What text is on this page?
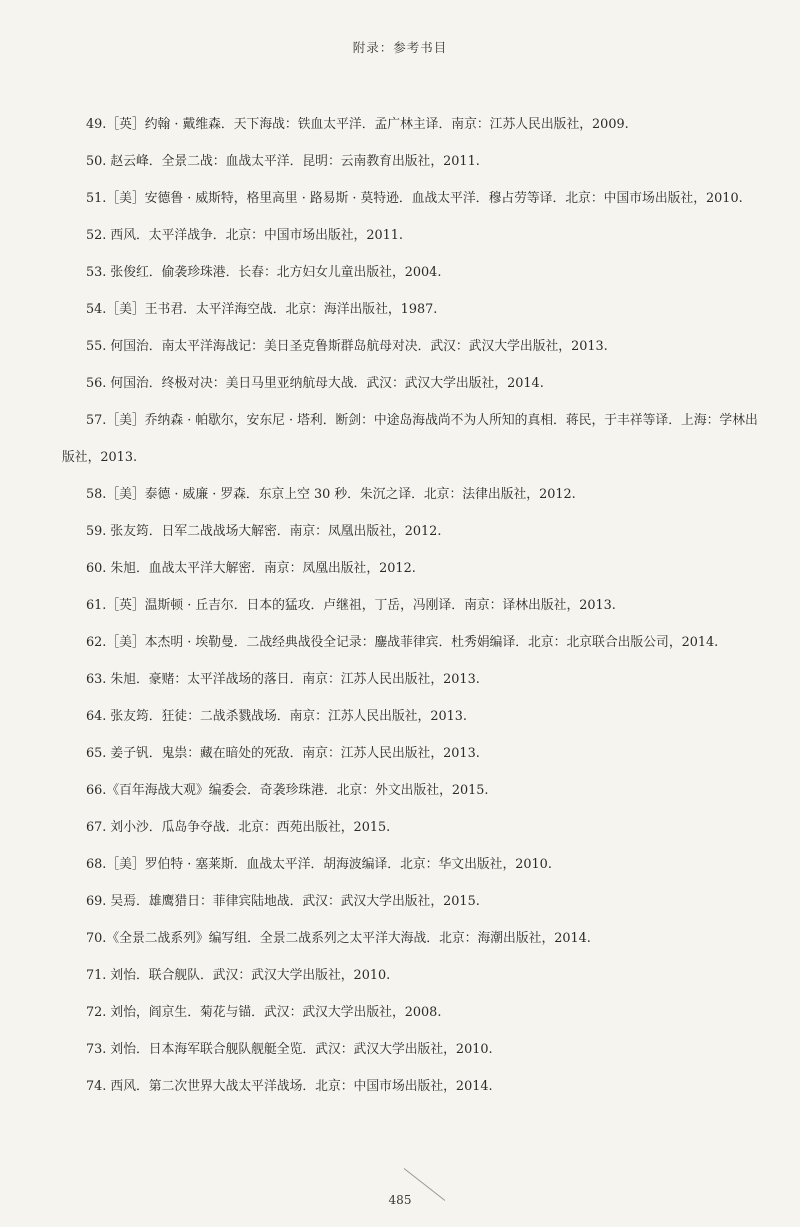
附录：参考书目

49.［英］约翰 · 戴维森．天下海战：铁血太平洋．孟广林主译．南京：江苏人民出版社，2009.

50. 赵云峰．全景二战：血战太平洋．昆明：云南教育出版社，2011.

51.［美］安德鲁 · 威斯特，格里高里 · 路易斯 · 莫特逊．血战太平洋．穆占劳等译．北京：中国市场出版社，2010.

52. 西风．太平洋战争．北京：中国市场出版社，2011.

53. 张俊红．偷袭珍珠港．长春：北方妇女儿童出版社，2004.

54.［美］王书君．太平洋海空战．北京：海洋出版社，1987.

55. 何国治．南太平洋海战记：美日圣克鲁斯群岛航母对决．武汉：武汉大学出版社，2013.

56. 何国治．终极对决：美日马里亚纳航母大战．武汉：武汉大学出版社，2014.

57.［美］乔纳森 · 帕歇尔，安东尼 · 塔利．断剑：中途岛海战尚不为人所知的真相．蒋民，于丰祥等译．上海：学林出版社，2013.

58.［美］泰德 · 威廉 · 罗森．东京上空 30 秒．朱沉之译．北京：法律出版社，2012.

59. 张友筠．日军二战战场大解密．南京：凤凰出版社，2012.

60. 朱旭．血战太平洋大解密．南京：凤凰出版社，2012.

61.［英］温斯顿 · 丘吉尔．日本的猛攻．卢继祖，丁岳，冯刚译．南京：译林出版社，2013.

62.［美］本杰明 · 埃勒曼．二战经典战役全记录：鏖战菲律宾．杜秀娟编译．北京：北京联合出版公司，2014.

63. 朱旭．豪赌：太平洋战场的落日．南京：江苏人民出版社，2013.

64. 张友筠．狂徒：二战杀戮战场．南京：江苏人民出版社，2013.

65. 姜子钒．鬼祟：藏在暗处的死敌．南京：江苏人民出版社，2013.

66.《百年海战大观》编委会．奇袭珍珠港．北京：外文出版社，2015.

67. 刘小沙．瓜岛争夺战．北京：西苑出版社，2015.

68.［美］罗伯特 · 塞莱斯．血战太平洋．胡海波编译．北京：华文出版社，2010.

69. 吴焉．雄鹰猎日：菲律宾陆地战．武汉：武汉大学出版社，2015.

70.《全景二战系列》编写组．全景二战系列之太平洋大海战．北京：海潮出版社，2014.

71. 刘怡．联合舰队．武汉：武汉大学出版社，2010.

72. 刘怡，阎京生．菊花与锚．武汉：武汉大学出版社，2008.

73. 刘怡．日本海军联合舰队舰艇全览．武汉：武汉大学出版社，2010.

74. 西风．第二次世界大战太平洋战场．北京：中国市场出版社，2014.

485
